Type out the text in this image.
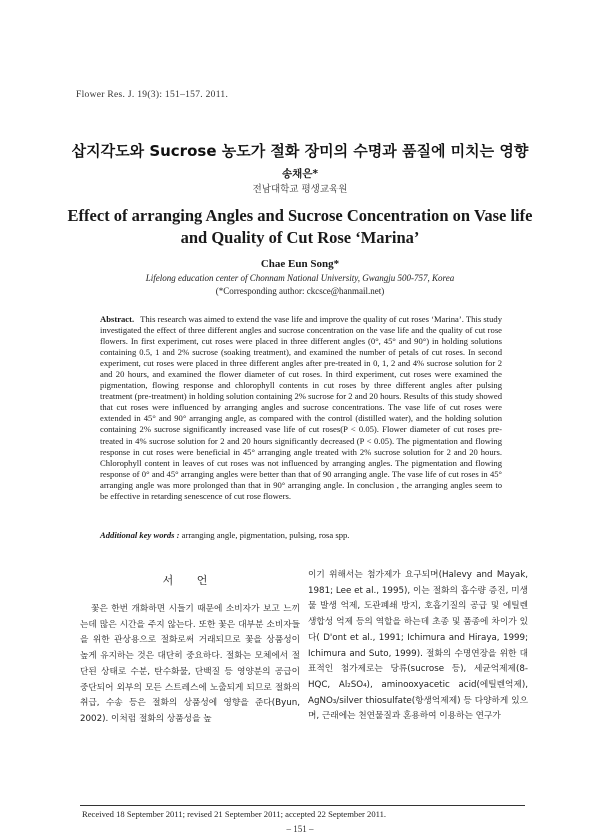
Flower Res. J. 19(3): 151–157. 2011.
삽지각도와 Sucrose 농도가 절화 장미의 수명과 품질에 미치는 영향
송채은*
전남대학교 평생교육원
Effect of arranging Angles and Sucrose Concentration on Vase life and Quality of Cut Rose ‘Marina’
Chae Eun Song*
Lifelong education center of Chonnam National University, Gwangju 500-757, Korea
(*Corresponding author: ckcsce@hanmail.net)

Abstract. This research was aimed to extend the vase life and improve the quality of cut roses ‘Marina’. This study investigated the effect of three different angles and sucrose concentration on the vase life and the quality of cut rose flowers. In first experiment, cut roses were placed in three different angles (0°, 45° and 90°) in holding solutions containing 0.5, 1 and 2% sucrose (soaking treatment), and examined the number of petals of cut roses. In second experiment, cut roses were placed in three different angles after pre-treated in 0, 1, 2 and 4% sucrose solution for 2 and 20 hours, and examined the flower diameter of cut roses. In third experiment, cut roses were examined the pigmentation, flowing response and chlorophyll contents in cut roses by three different angles after pulsing treatment (pre-treatment) in holding solution containing 2% sucrose for 2 and 20 hours. Results of this study showed that cut roses were influenced by arranging angles and sucrose concentrations. The vase life of cut roses were extended in 45° and 90° arranging angle, as compared with the control (distilled water), and the holding solution containing 2% sucrose significantly increased vase life of cut roses(P < 0.05). Flower diameter of cut roses pre-treated in 4% sucrose solution for 2 and 20 hours significantly decreased (P < 0.05). The pigmentation and flowing response in cut roses were beneficial in 45° arranging angle treated with 2% sucrose solution for 2 and 20 hours. Chlorophyll content in leaves of cut roses was not influenced by arranging angles. The pigmentation and flowing response of 0° and 45° arranging angles were better than that of 90 arranging angle. The vase life of cut roses in 45° arranging angle was more prolonged than that in 90° arranging angle. In conclusion , the arranging angles seem to be effective in retarding senescence of cut rose flowers.

Additional key words : arranging angle, pigmentation, pulsing, rosa spp.

서 언

꽃은 한번 개화하면 시들기 때문에 소비자가 보고 느끼는데 많은 시간을 주지 않는다. 또한 꽃은 대부분 소비자들을 위한 관상용으로 절화로써 거래되므로 꽃을 상품성이 높게 유지하는 것은 대단히 중요하다. 절화는 모체에서 절단된 상태로 수분, 탄수화물, 단백질 등 영양분의 공급이 중단되어 외부의 모든 스트레스에 노출되게 되므로 절화의 취급, 수송 등은 절화의 상품성에 영향을 준다(Byun, 2002). 이처럼 절화의 상품성을 높

이기 위해서는 첨가제가 요구되며(Halevy and Mayak, 1981; Lee et al., 1995), 이는 절화의 흡수량 증진, 미생물 발생 억제, 도관폐쇄 방지, 호흡기질의 공급 및 에틸렌 생합성 억제 등의 역할을 하는데 초종 및 품종에 차이가 있다( D'ont et al., 1991; Ichimura and Hiraya, 1999; Ichimura and Suto, 1999). 절화의 수명연장을 위한 대표적인 첨가제로는 당류(sucrose 등), 세균억제제(8-HQC, Al₂SO₄), aminooxyacetic acid(에틸렌억제), AgNO₃/silver thiosulfate(항생억제제) 등 다양하게 있으며, 근래에는 천연물질과 혼용하여 이용하는 연구가

Received 18 September 2011; revised 21 September 2011; accepted 22 September 2011.
– 151 –
